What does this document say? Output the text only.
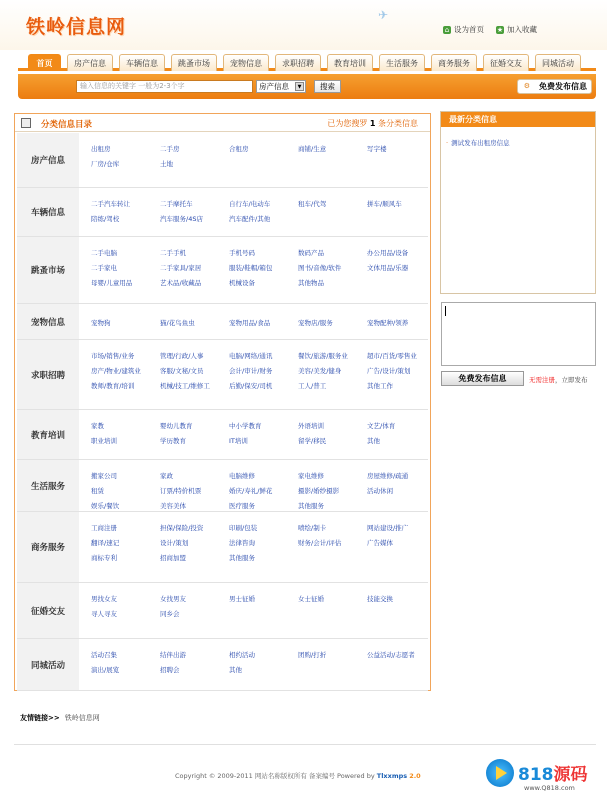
铁岭信息网
✈
⌂ 设为首页 ★ 加入收藏
首页	房产信息	车辆信息	跳蚤市场	宠物信息	求职招聘	教育培训	生活服务	商务服务	征婚交友	同城活动
输入信息的关键字 一般为2-3个字	房产信息	▼	搜索	⚙ 免费发布信息
分类信息目录	已为您搜罗 1 条分类信息
房产信息
出租房	二手房	合租房	商铺/生意	写字楼
厂房/仓库	土地
车辆信息
二手汽车转让	二手摩托车	自行车/电动车	租车/代驾	拼车/顺风车
陪练/驾校	汽车服务/4S店	汽车配件/其他
跳蚤市场
二手电脑	二手手机	手机号码	数码产品	办公用品/设备
二手家电	二手家具/家居	服装/鞋帽/箱包	图书/音像/软件	文体用品/乐器
母婴/儿童用品	艺术品/收藏品	机械设备	其他物品
宠物信息	宠物狗	猫/花鸟鱼虫	宠物用品/食品	宠物店/服务	宠物配种/领养
求职招聘
市场/销售/业务	管理/行政/人事	电脑/网络/通讯	餐饮/旅游/服务业	超市/百货/零售业
房产/物业/建筑业	客服/文秘/文员	会计/审计/财务	美容/美发/健身	广告/设计/策划
教师/教育/培训	机械/技工/维修工	后勤/保安/司机	工人/普工	其他工作
教育培训
家教	婴幼儿教育	中小学教育	外语培训	文艺/体育
职业培训	学历教育	IT培训	留学/移民	其他
生活服务
搬家公司	家政	电脑维修	家电维修	房屋维修/疏通
租赁	订票/特价机票	婚庆/寿礼/鲜花	摄影/婚纱摄影	活动休闲
娱乐/餐饮	美容美体	医疗服务	其他服务
商务服务
工商注册	担保/保险/投资	印刷/包装	喷绘/制卡	网站建设/推广
翻译/速记	设计/策划	法律咨询	财务/会计/评估	广告媒体
商标专利	招商加盟	其他服务
征婚交友
男找女友	女找男友	男士征婚	女士征婚	技能交换
寻人寻友	同乡会
同城活动
活动召集	结伴出游	相约活动	团购/打折	公益活动/志愿者
演出/展览	招聘会	其他
最新分类信息
· 测试发布出租房信息
免费发布信息	无需注册，立即发布
友情链接>> 铁岭信息网
Copyright © 2009-2011 网站名称版权所有 备案编号 Powered by Tlxxmps 2.0	818源码
www.Q818.com
